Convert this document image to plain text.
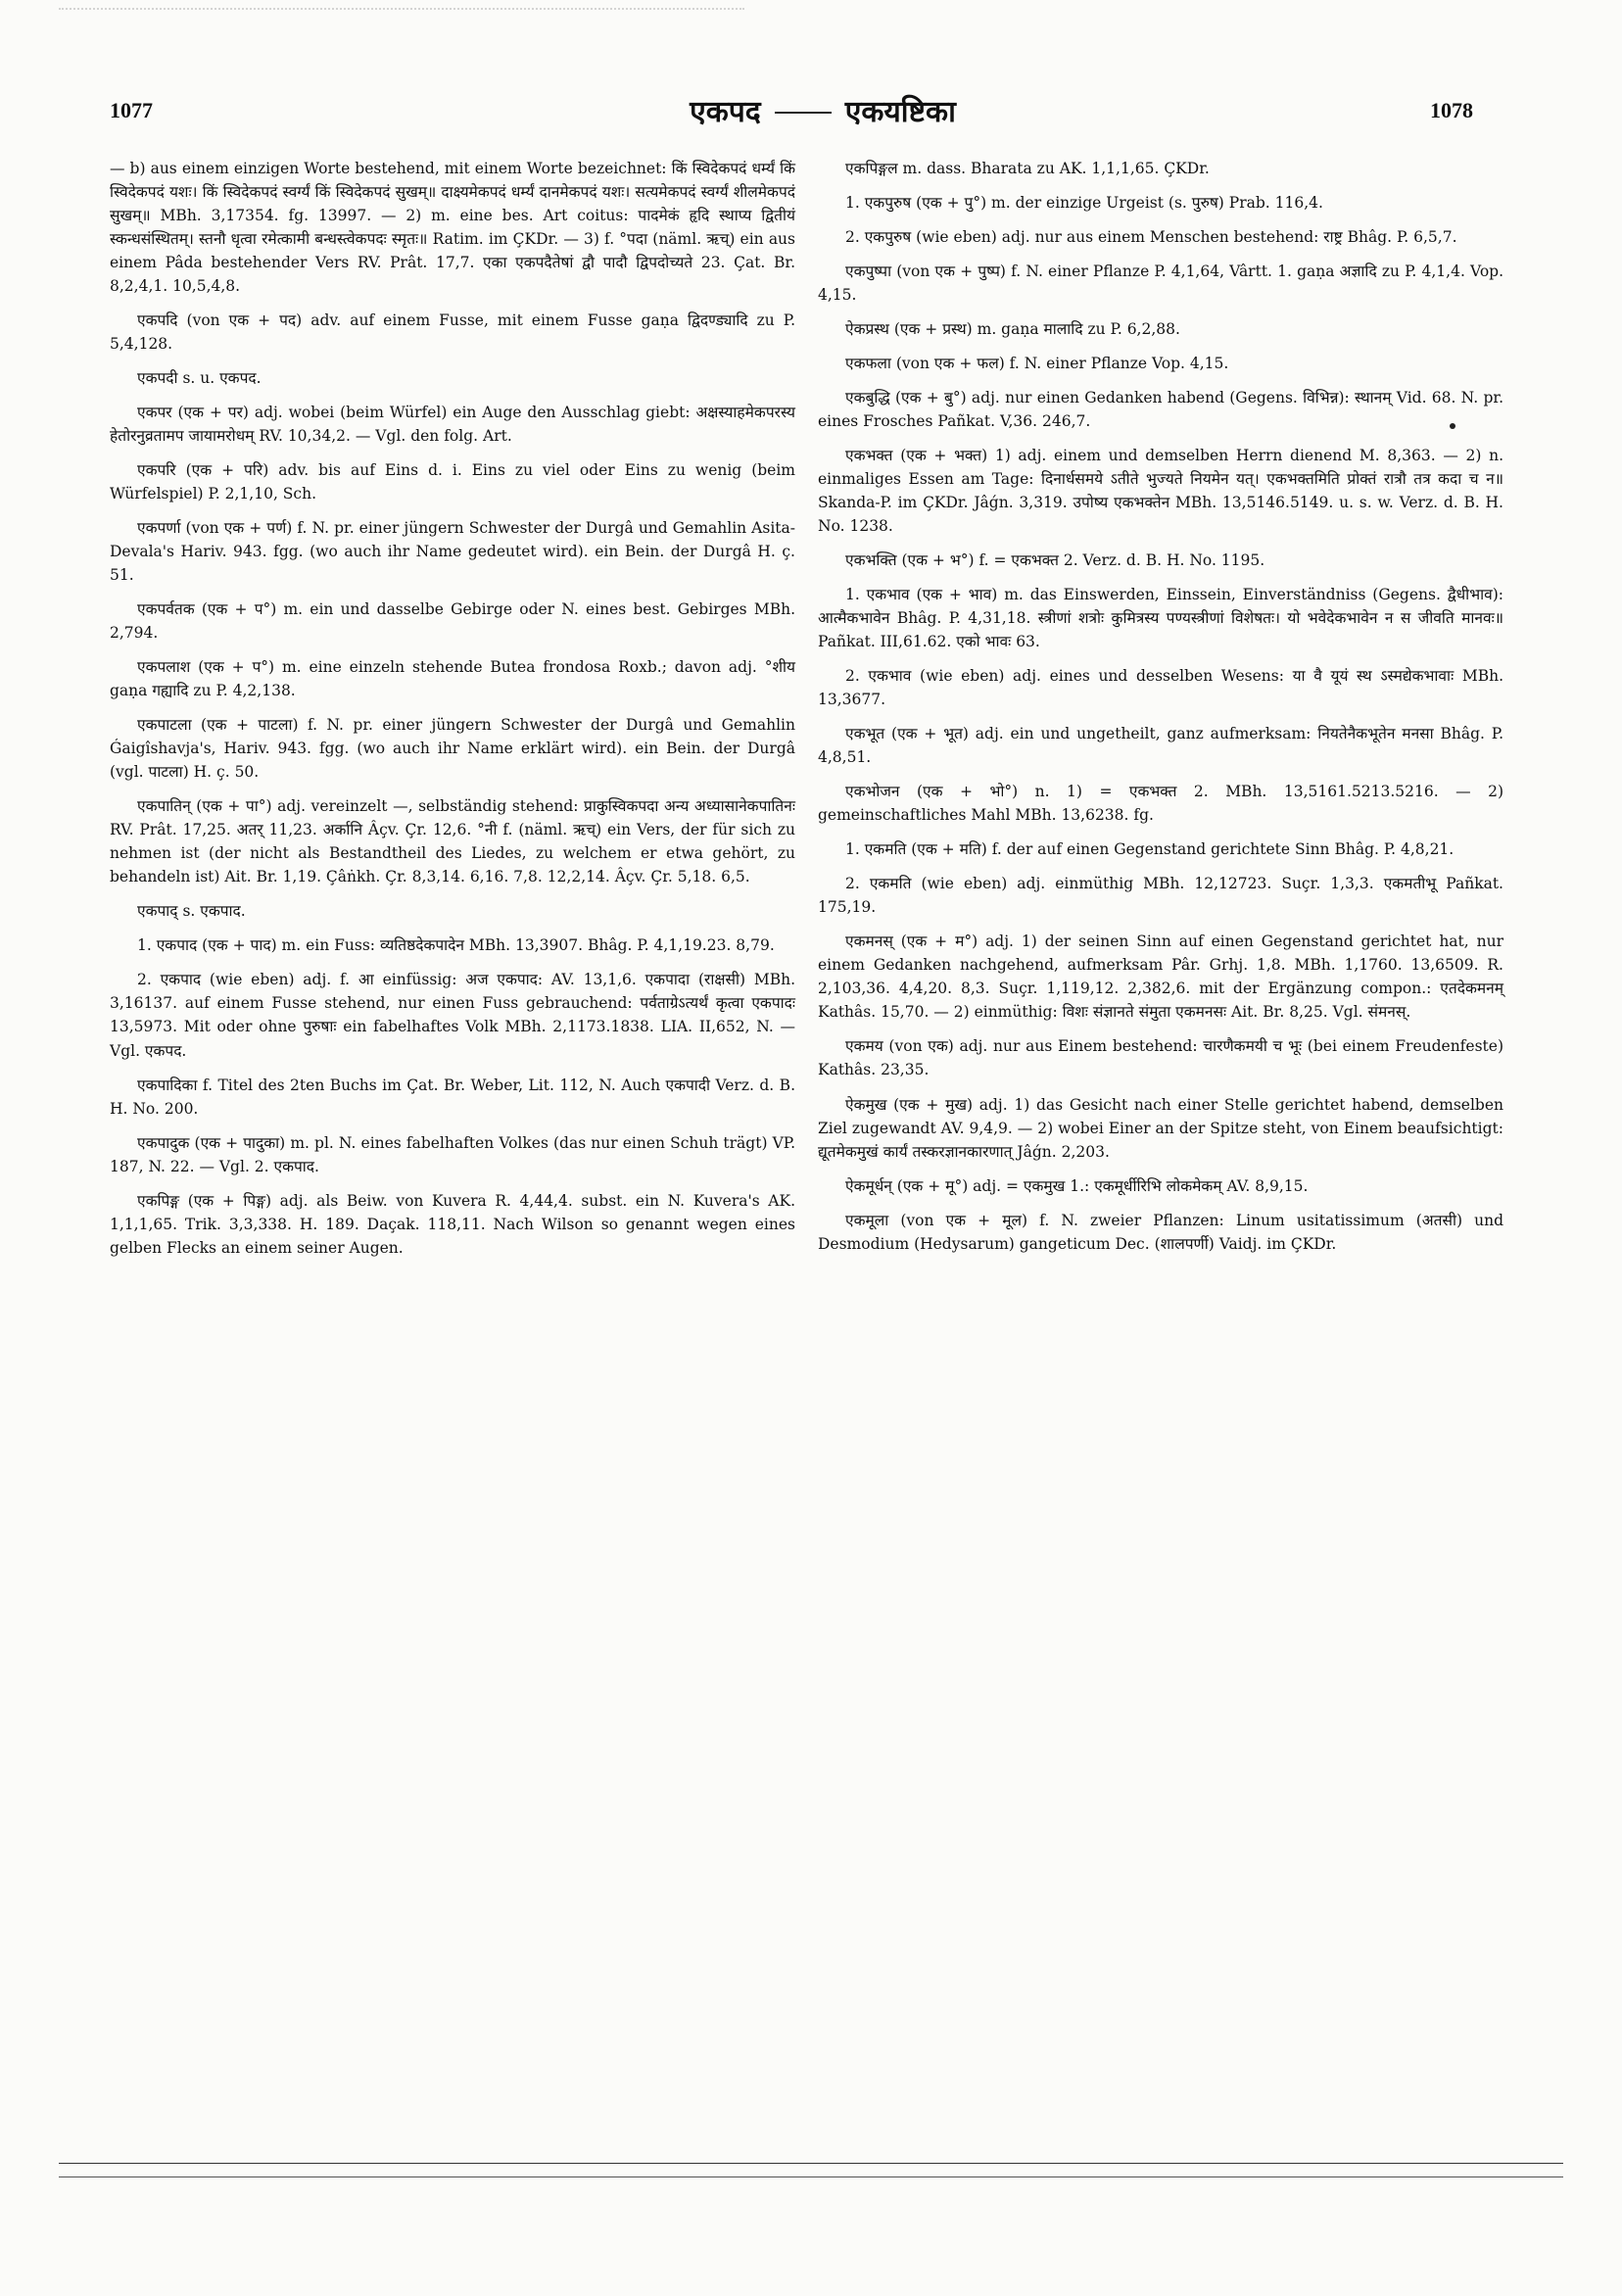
1077	एकपद	एकयष्टिका	1078

— b) aus einem einzigen Worte bestehend, mit einem Worte bezeichnet: किं स्विदेकपदं धर्म्यं किं स्विदेकपदं यशः। किं स्विदेकपदं स्वर्ग्यं किं स्विदेकपदं सुखम्॥ दाक्ष्यमेकपदं धर्म्यं दानमेकपदं यशः। सत्यमेकपदं स्वर्ग्यं शीलमेकपदं सुखम्॥ MBh. 3,17354. fg. 13997. — 2) m. eine bes. Art coitus: पादमेकं हृदि स्थाप्य द्वितीयं स्कन्धसंस्थितम्। स्तनौ धृत्वा रमेत्कामी बन्धस्त्वेकपदः स्मृतः॥ Ratim. im ÇKDr. — 3) f. °पदा (näml. ऋच्) ein aus einem Pâda bestehender Vers RV. Prât. 17,7. एका एकपदैतेषां द्वौ पादौ द्विपदोच्यते 23. Çat. Br. 8,2,4,1. 10,5,4,8.

एकपदि (von एक + पद) adv. auf einem Fusse, mit einem Fusse gaṇa द्विदण्ड्यादि zu P. 5,4,128.

एकपदी s. u. एकपद.

एकपर (एक + पर) adj. wobei (beim Würfel) ein Auge den Ausschlag giebt: अक्षस्याहमेकपरस्य हेतोरनुव्रतामप जायामरोधम् RV. 10,34,2. — Vgl. den folg. Art.

एकपरि (एक + परि) adv. bis auf Eins d. i. Eins zu viel oder Eins zu wenig (beim Würfelspiel) P. 2,1,10, Sch.

एकपर्णा (von एक + पर्ण) f. N. pr. einer jüngern Schwester der Durgâ und Gemahlin Asita-Devala's Hariv. 943. fgg. (wo auch ihr Name gedeutet wird). ein Bein. der Durgâ H. ç. 51.

एकपर्वतक (एक + प°) m. ein und dasselbe Gebirge oder N. eines best. Gebirges MBh. 2,794.

एकपलाश (एक + प°) m. eine einzeln stehende Butea frondosa Roxb.; davon adj. °शीय gaṇa गह्यादि zu P. 4,2,138.

एकपाटला (एक + पाटला) f. N. pr. einer jüngern Schwester der Durgâ und Gemahlin Ǵaigîshavja's, Hariv. 943. fgg. (wo auch ihr Name erklärt wird). ein Bein. der Durgâ (vgl. पाटला) H. ç. 50.

एकपातिन् (एक + पा°) adj. vereinzelt —, selbständig stehend: प्राकुस्विकपदा अन्य अध्यासानेकपातिनः RV. Prât. 17,25. अतर् 11,23. अर्कानि Âçv. Çr. 12,6. °नी f. (näml. ऋच्) ein Vers, der für sich zu nehmen ist (der nicht als Bestandtheil des Liedes, zu welchem er etwa gehört, zu behandeln ist) Ait. Br. 1,19. Çâṅkh. Çr. 8,3,14. 6,16. 7,8. 12,2,14. Âçv. Çr. 5,18. 6,5.

एकपाद् s. एकपाद.

1. एकपाद (एक + पाद) m. ein Fuss: व्यतिष्ठदेकपादेन MBh. 13,3907. Bhâg. P. 4,1,19.23. 8,79.

2. एकपाद (wie eben) adj. f. आ einfüssig: अज एकपाद: AV. 13,1,6. एकपादा (राक्षसी) MBh. 3,16137. auf einem Fusse stehend, nur einen Fuss gebrauchend: पर्वताग्रेऽत्यर्थं कृत्वा एकपादः 13,5973. Mit oder ohne पुरुषाः ein fabelhaftes Volk MBh. 2,1173.1838. LIA. II,652, N. — Vgl. एकपद.

एकपादिका f. Titel des 2ten Buchs im Çat. Br. Weber, Lit. 112, N. Auch एकपादी Verz. d. B. H. No. 200.

एकपादुक (एक + पादुका) m. pl. N. eines fabelhaften Volkes (das nur einen Schuh trägt) VP. 187, N. 22. — Vgl. 2. एकपाद.

एकपिङ्ग (एक + पिङ्ग) adj. als Beiw. von Kuvera R. 4,44,4. subst. ein N. Kuvera's AK. 1,1,1,65. Trik. 3,3,338. H. 189. Daçak. 118,11. Nach Wilson so genannt wegen eines gelben Flecks an einem seiner Augen.

एकपिङ्गल m. dass. Bharata zu AK. 1,1,1,65. ÇKDr.

1. एकपुरुष (एक + पु°) m. der einzige Urgeist (s. पुरुष) Prab. 116,4.

2. एकपुरुष (wie eben) adj. nur aus einem Menschen bestehend: राष्ट्र Bhâg. P. 6,5,7.

एकपुष्पा (von एक + पुष्प) f. N. einer Pflanze P. 4,1,64, Vârtt. 1. gaṇa अज्ञादि zu P. 4,1,4. Vop. 4,15.

ऐकप्रस्थ (एक + प्रस्थ) m. gaṇa मालादि zu P. 6,2,88.

एकफला (von एक + फल) f. N. einer Pflanze Vop. 4,15.

एकबुद्धि (एक + बु°) adj. nur einen Gedanken habend (Gegens. विभिन्न): स्थानम् Vid. 68. N. pr. eines Frosches Pañkat. V,36. 246,7.

एकभक्त (एक + भक्त) 1) adj. einem und demselben Herrn dienend M. 8,363. — 2) n. einmaliges Essen am Tage: दिनार्धसमये ऽतीते भुज्यते नियमेन यत्। एकभक्तमिति प्रोक्तं रात्रौ तत्र कदा च न॥ Skanda-P. im ÇKDr. Jâǵn. 3,319. उपोष्य एकभक्तेन MBh. 13,5146.5149. u. s. w. Verz. d. B. H. No. 1238.

एकभक्ति (एक + भ°) f. = एकभक्त 2. Verz. d. B. H. No. 1195.

1. एकभाव (एक + भाव) m. das Einswerden, Einssein, Einverständniss (Gegens. द्वैधीभाव): आत्मैकभावेन Bhâg. P. 4,31,18. स्त्रीणां शत्रोः कुमित्रस्य पण्यस्त्रीणां विशेषतः। यो भवेदेकभावेन न स जीवति मानवः॥ Pañkat. III,61.62. एको भावः 63.

2. एकभाव (wie eben) adj. eines und desselben Wesens: या वै यूयं स्थ ऽस्मद्येकभावाः MBh. 13,3677.

एकभूत (एक + भूत) adj. ein und ungetheilt, ganz aufmerksam: नियतेनैकभूतेन मनसा Bhâg. P. 4,8,51.

एकभोजन (एक + भो°) n. 1) = एकभक्त 2. MBh. 13,5161.5213.5216. — 2) gemeinschaftliches Mahl MBh. 13,6238. fg.

1. एकमति (एक + मति) f. der auf einen Gegenstand gerichtete Sinn Bhâg. P. 4,8,21.

2. एकमति (wie eben) adj. einmüthig MBh. 12,12723. Suçr. 1,3,3. एकमतीभू Pañkat. 175,19.

एकमनस् (एक + म°) adj. 1) der seinen Sinn auf einen Gegenstand gerichtet hat, nur einem Gedanken nachgehend, aufmerksam Pâr. Grhj. 1,8. MBh. 1,1760. 13,6509. R. 2,103,36. 4,4,20. 8,3. Suçr. 1,119,12. 2,382,6. mit der Ergänzung compon.: एतदेकमनम् Kathâs. 15,70. — 2) einmüthig: विशः संज्ञानते संमुता एकमनसः Ait. Br. 8,25. Vgl. संमनस्.

एकमय (von एक) adj. nur aus Einem bestehend: चारणैकमयी च भूः (bei einem Freudenfeste) Kathâs. 23,35.

ऐकमुख (एक + मुख) adj. 1) das Gesicht nach einer Stelle gerichtet habend, demselben Ziel zugewandt AV. 9,4,9. — 2) wobei Einer an der Spitze steht, von Einem beaufsichtigt: द्यूतमेकमुखं कार्यं तस्करज्ञानकारणात् Jâǵn. 2,203.

ऐकमूर्धन् (एक + मू°) adj. = एकमुख 1.: एकमूर्धीरिभि लोकमेकम् AV. 8,9,15.

एकमूला (von एक + मूल) f. N. zweier Pflanzen: Linum usitatissimum (अतसी) und Desmodium (Hedysarum) gangeticum Dec. (शालपर्णी) Vaidj. im ÇKDr.
